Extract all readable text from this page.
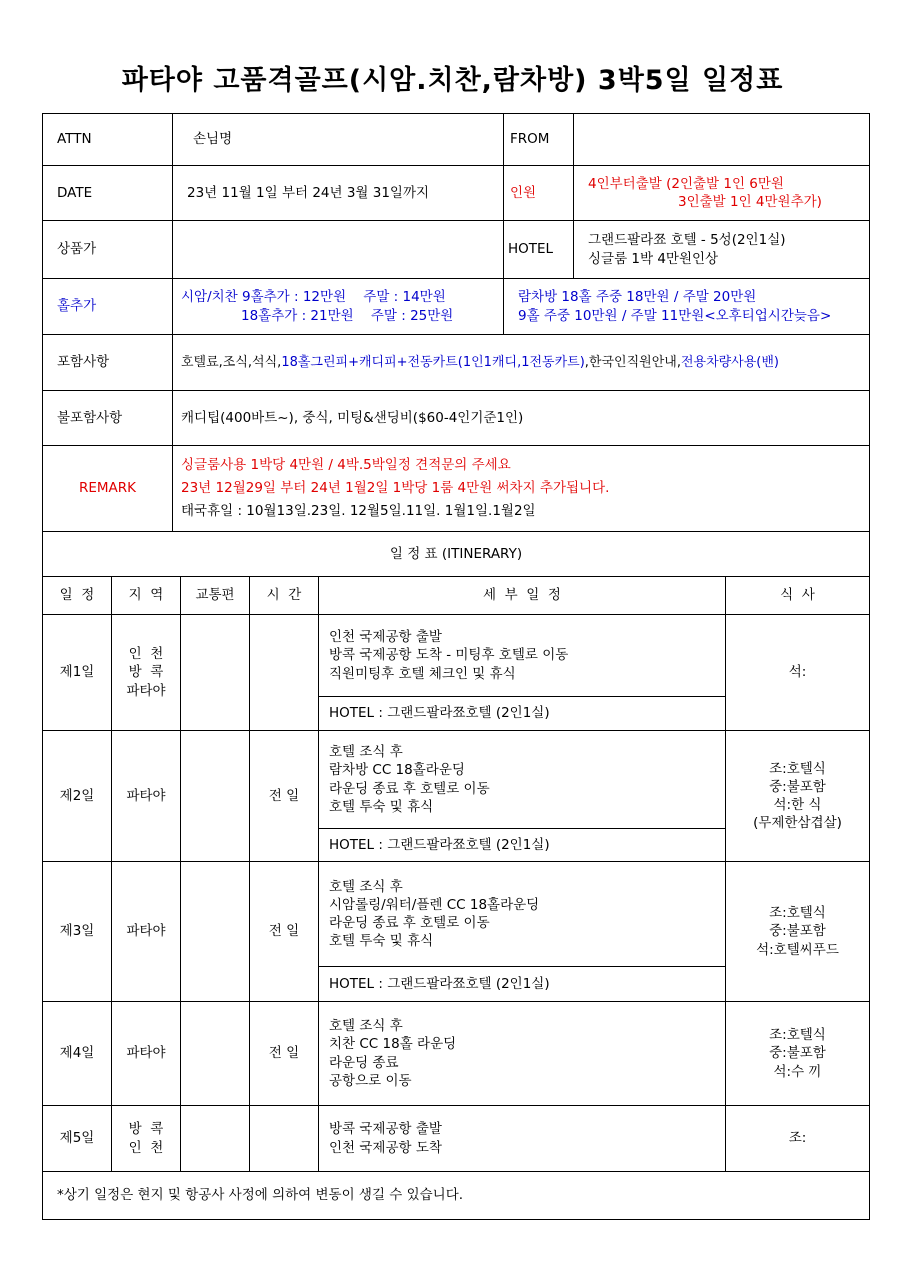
파타야 고품격골프(시암.치찬,람차방) 3박5일 일정표
ATTN	손님명	FROM	
DATE	23년 11월 1일 부터 24년 3월 31일까지	인원	4인부터출발 (2인출발 1인 6만원
3인출발 1인 4만원추가)

상품가		HOTEL	그랜드팔라쬬 호텔 - 5성(2인1실)
싱글룸 1박 4만원인상

홀추가	시암/치찬 9홀추가 : 12만원    주말 : 14만원
18홀추가 : 21만원    주말 : 25만원	람차방 18홀 주중 18만원 / 주말 20만원
9홀 주중 10만원 / 주말 11만원<오후티업시간늦음>	

포함사항	호텔료,조식,석식,18홀그린피+캐디피+전동카트(1인1캐디,1전동카트),한국인직원안내,전용차량사용(밴)		
불포함사항	캐디팁(400바트~), 중식, 미팅&샌딩비($60-4인기준1인)		
REMARK	싱글룸사용 1박당 4만원 / 4박.5박일정 견적문의 주세요
23년 12월29일 부터 24년 1월2일 1박당 1룸 4만원 써차지 추가됩니다.
태국휴일 : 10월13일.23일. 12월5일.11일. 1월1일.1월2일		

일 정 표 (ITINERARY)			
일  정	지  역	교통편	시  간	세  부  일  정	식  사
제1일	인  천
방  콕
파타야			인천 국제공항 출발
방콕 국제공항 도착 - 미팅후 호텔로 이동
직원미팅후 호텔 체크인 및 휴식	석:

				HOTEL : 그랜드팔라쬬호텔 (2인1실)	
제2일	파타야		전 일	호텔 조식 후
람차방 CC 18홀라운딩
라운딩 종료 후 호텔로 이동
호텔 투숙 및 휴식	조:호텔식
중:불포함
석:한 식
(무제한삼겹살)

				HOTEL : 그랜드팔라쬬호텔 (2인1실)	
제3일	파타야		전 일	호텔 조식 후
시암롤링/워터/플렌 CC 18홀라운딩
라운딩 종료 후 호텔로 이동
호텔 투숙 및 휴식	조:호텔식
중:불포함
석:호텔씨푸드

				HOTEL : 그랜드팔라쬬호텔 (2인1실)	
제4일	파타야		전 일	호텔 조식 후
치찬 CC 18홀 라운딩
라운딩 종료
공항으로 이동	조:호텔식
중:불포함
석:수 끼

제5일	방  콕
인  천			방콕 국제공항 출발
인천 국제공항 도착	조:

*상기 일정은 현지 및 항공사 사정에 의하여 변동이 생길 수 있습니다.					
